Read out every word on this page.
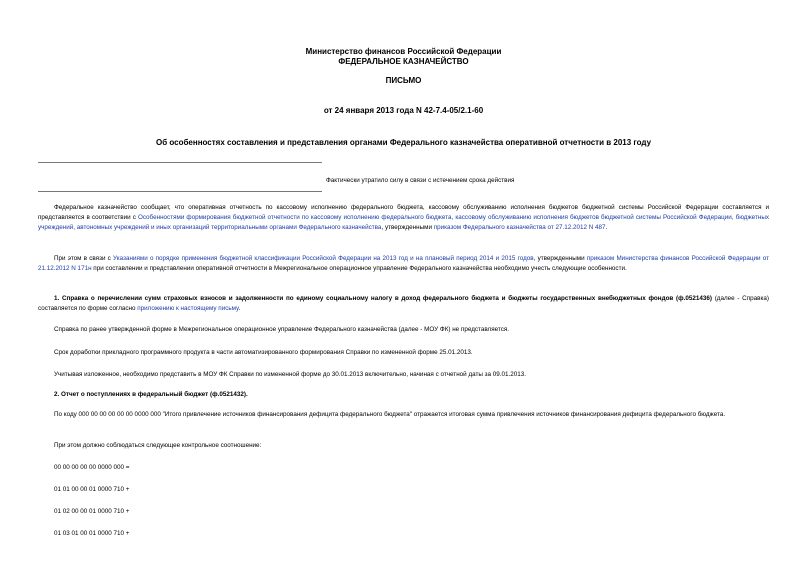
Министерство финансов Российской Федерации
ФЕДЕРАЛЬНОЕ КАЗНАЧЕЙСТВО
ПИСЬМО
от 24 января 2013 года N 42-7.4-05/2.1-60
Об особенностях составления и представления органами Федерального казначейства оперативной отчетности в 2013 году
Фактически утратило силу в связи с истечением срока действия
Федеральное казначейство сообщает, что оперативная отчетность по кассовому исполнению федерального бюджета, кассовому обслуживанию исполнения бюджетов бюджетной системы Российской Федерации составляется и представляется в соответствии с Особенностями формирования бюджетной отчетности по кассовому исполнению федерального бюджета, кассовому обслуживанию исполнения бюджетов бюджетной системы Российской Федерации, бюджетных учреждений, автономных учреждений и иных организаций территориальными органами Федерального казначейства, утвержденными приказом Федерального казначейства от 27.12.2012 N 487.
При этом в связи с Указаниями о порядке применения бюджетной классификации Российской Федерации на 2013 год и на плановый период 2014 и 2015 годов, утвержденными приказом Министерства финансов Российской Федерации от 21.12.2012 N 171н при составлении и представлении оперативной отчетности в Межрегиональное операционное управление Федерального казначейства необходимо учесть следующие особенности.
1. Справка о перечислении сумм страховых взносов и задолженности по единому социальному налогу в доход федерального бюджета и бюджеты государственных внебюджетных фондов (ф.0521436) (далее - Справка) составляется по форме согласно приложению к настоящему письму.
Справка по ранее утвержденной форме в Межрегиональное операционное управление Федерального казначейства (далее - МОУ ФК) не представляется.
Срок доработки прикладного программного продукта в части автоматизированного формирования Справки по измененной форме 25.01.2013.
Учитывая изложенное, необходимо представить в МОУ ФК Справки по измененной форме до 30.01.2013 включительно, начиная с отчетной даты за 09.01.2013.
2. Отчет о поступлениях в федеральный бюджет (ф.0521432).
По коду 000 00 00 00 00 00 0000 000 "Итого привлечение источников финансирования дефицита федерального бюджета" отражается итоговая сумма привлечения источников финансирования дефицита федерального бюджета.
При этом должно соблюдаться следующее контрольное соотношение:
00 00 00 00 00 0000 000 =
01 01 00 00 01 0000 710 +
01 02 00 00 01 0000 710 +
01 03 01 00 01 0000 710 +
